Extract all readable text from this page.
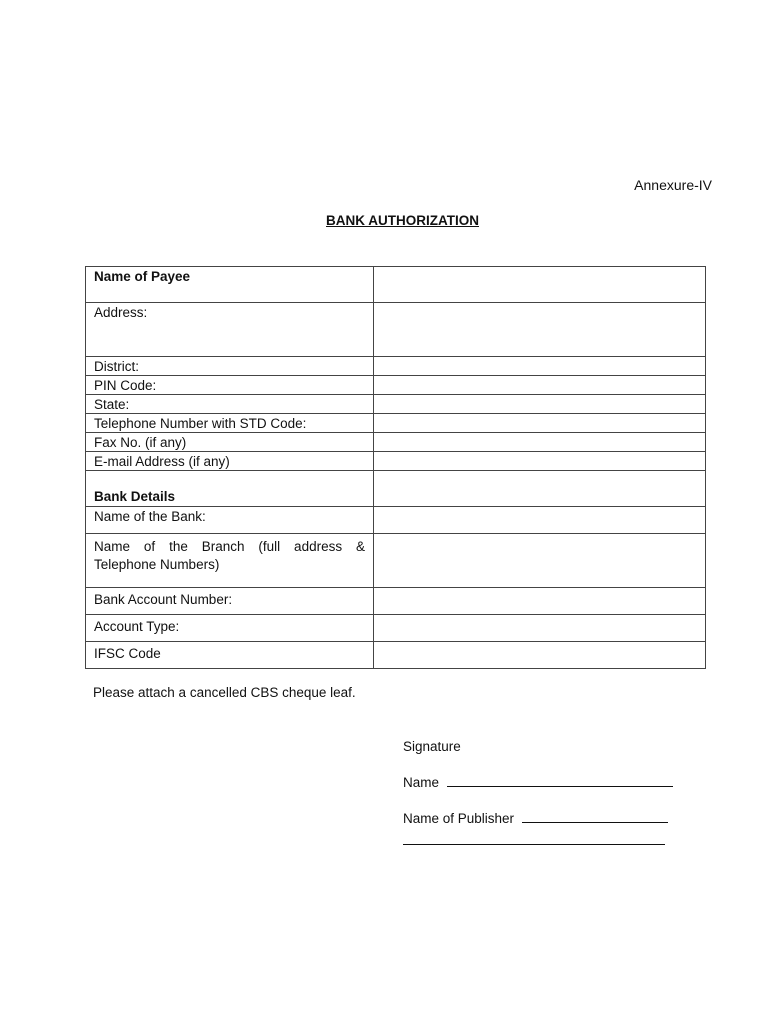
Annexure-IV
BANK AUTHORIZATION
Name of Payee	
Address:	
District:	
PIN Code:	
State:	
Telephone Number with STD Code:	
Fax No. (if any)	
E-mail Address (if any)	
Bank Details	
Name of the Bank:	
Name of the Branch (full address & Telephone Numbers)	
Bank Account Number:	
Account Type:	
IFSC Code	
Please attach a cancelled CBS cheque leaf.
Signature
Name
Name of Publisher
